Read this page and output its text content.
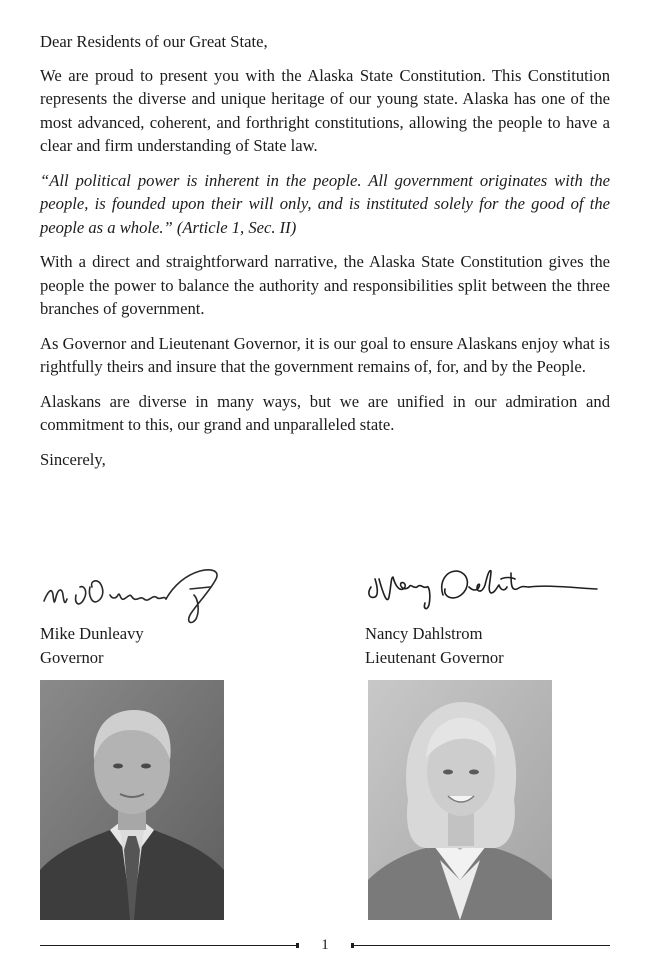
Dear Residents of our Great State,

We are proud to present you with the Alaska State Constitution. This Constitution represents the diverse and unique heritage of our young state. Alaska has one of the most advanced, coherent, and forthright constitutions, allowing the people to have a clear and firm understanding of State law.

“All political power is inherent in the people. All government originates with the people, is founded upon their will only, and is instituted solely for the good of the people as a whole.” (Article 1, Sec. II)

With a direct and straightforward narrative, the Alaska State Constitution gives the people the power to balance the authority and responsibilities split between the three branches of government.

As Governor and Lieutenant Governor, it is our goal to ensure Alaskans enjoy what is rightfully theirs and insure that the government remains of, for, and by the People.

Alaskans are diverse in many ways, but we are unified in our admiration and commitment to this, our grand and unparalleled state.

Sincerely,

Mike Dunleavy
Governor
Nancy Dahlstrom
Lieutenant Governor
1
